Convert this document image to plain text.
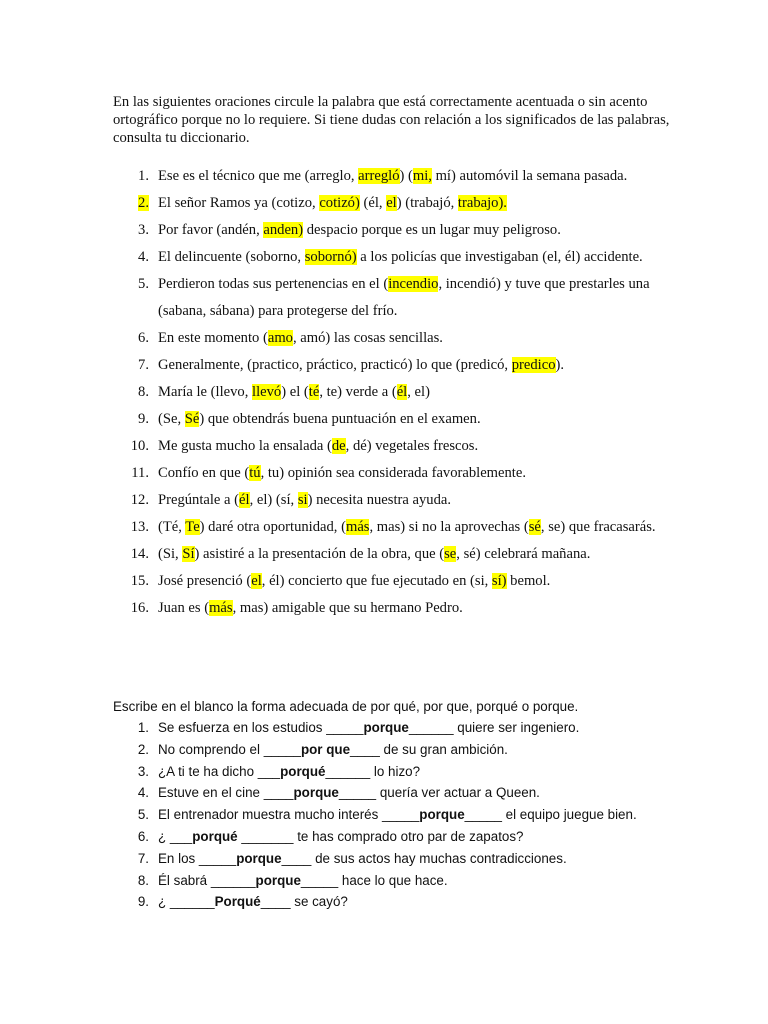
En las siguientes oraciones circule la palabra que está correctamente acentuada o sin acento ortográfico porque no lo requiere. Si tiene dudas con relación a los significados de las palabras, consulta tu diccionario.

1. Ese es el técnico que me (arreglo, arregló) (mi, mí) automóvil la semana pasada.
2. El señor Ramos ya (cotizo, cotizó) (él, el) (trabajó, trabajo).
3. Por favor (andén, anden) despacio porque es un lugar muy peligroso.
4. El delincuente (soborno, sobornó) a los policías que investigaban (el, él) accidente.
5. Perdieron todas sus pertenencias en el (incendio, incendió) y tuve que prestarles una (sabana, sábana) para protegerse del frío.
6. En este momento (amo, amó) las cosas sencillas.
7. Generalmente, (practico, práctico, practicó) lo que (predicó, predico).
8. María le (llevo, llevó) el (té, te) verde a (él, el)
9. (Se, Sé) que obtendrás buena puntuación en el examen.
10. Me gusta mucho la ensalada (de, dé) vegetales frescos.
11. Confío en que (tú, tu) opinión sea considerada favorablemente.
12. Pregúntale a (él, el) (sí, si) necesita nuestra ayuda.
13. (Té, Te) daré otra oportunidad, (más, mas) si no la aprovechas (sé, se) que fracasarás.
14. (Si, Sí) asistiré a la presentación de la obra, que (se, sé) celebrará mañana.
15. José presenció (el, él) concierto que fue ejecutado en (si, sí) bemol.
16. Juan es (más, mas) amigable que su hermano Pedro.

Escribe en el blanco la forma adecuada de por qué, por que, porqué o porque.

1. Se esfuerza en los estudios _____porque______ quiere ser ingeniero.
2. No comprendo el _____por que____ de su gran ambición.
3. ¿A ti te ha dicho ___porqué______ lo hizo?
4. Estuve en el cine ____porque_____ quería ver actuar a Queen.
5. El entrenador muestra mucho interés _____porque_____ el equipo juegue bien.
6. ¿ ___porqué _______ te has comprado otro par de zapatos?
7. En los _____porque____ de sus actos hay muchas contradicciones.
8. Él sabrá ______porque_____ hace lo que hace.
9. ¿ ______Porqué____ se cayó?
